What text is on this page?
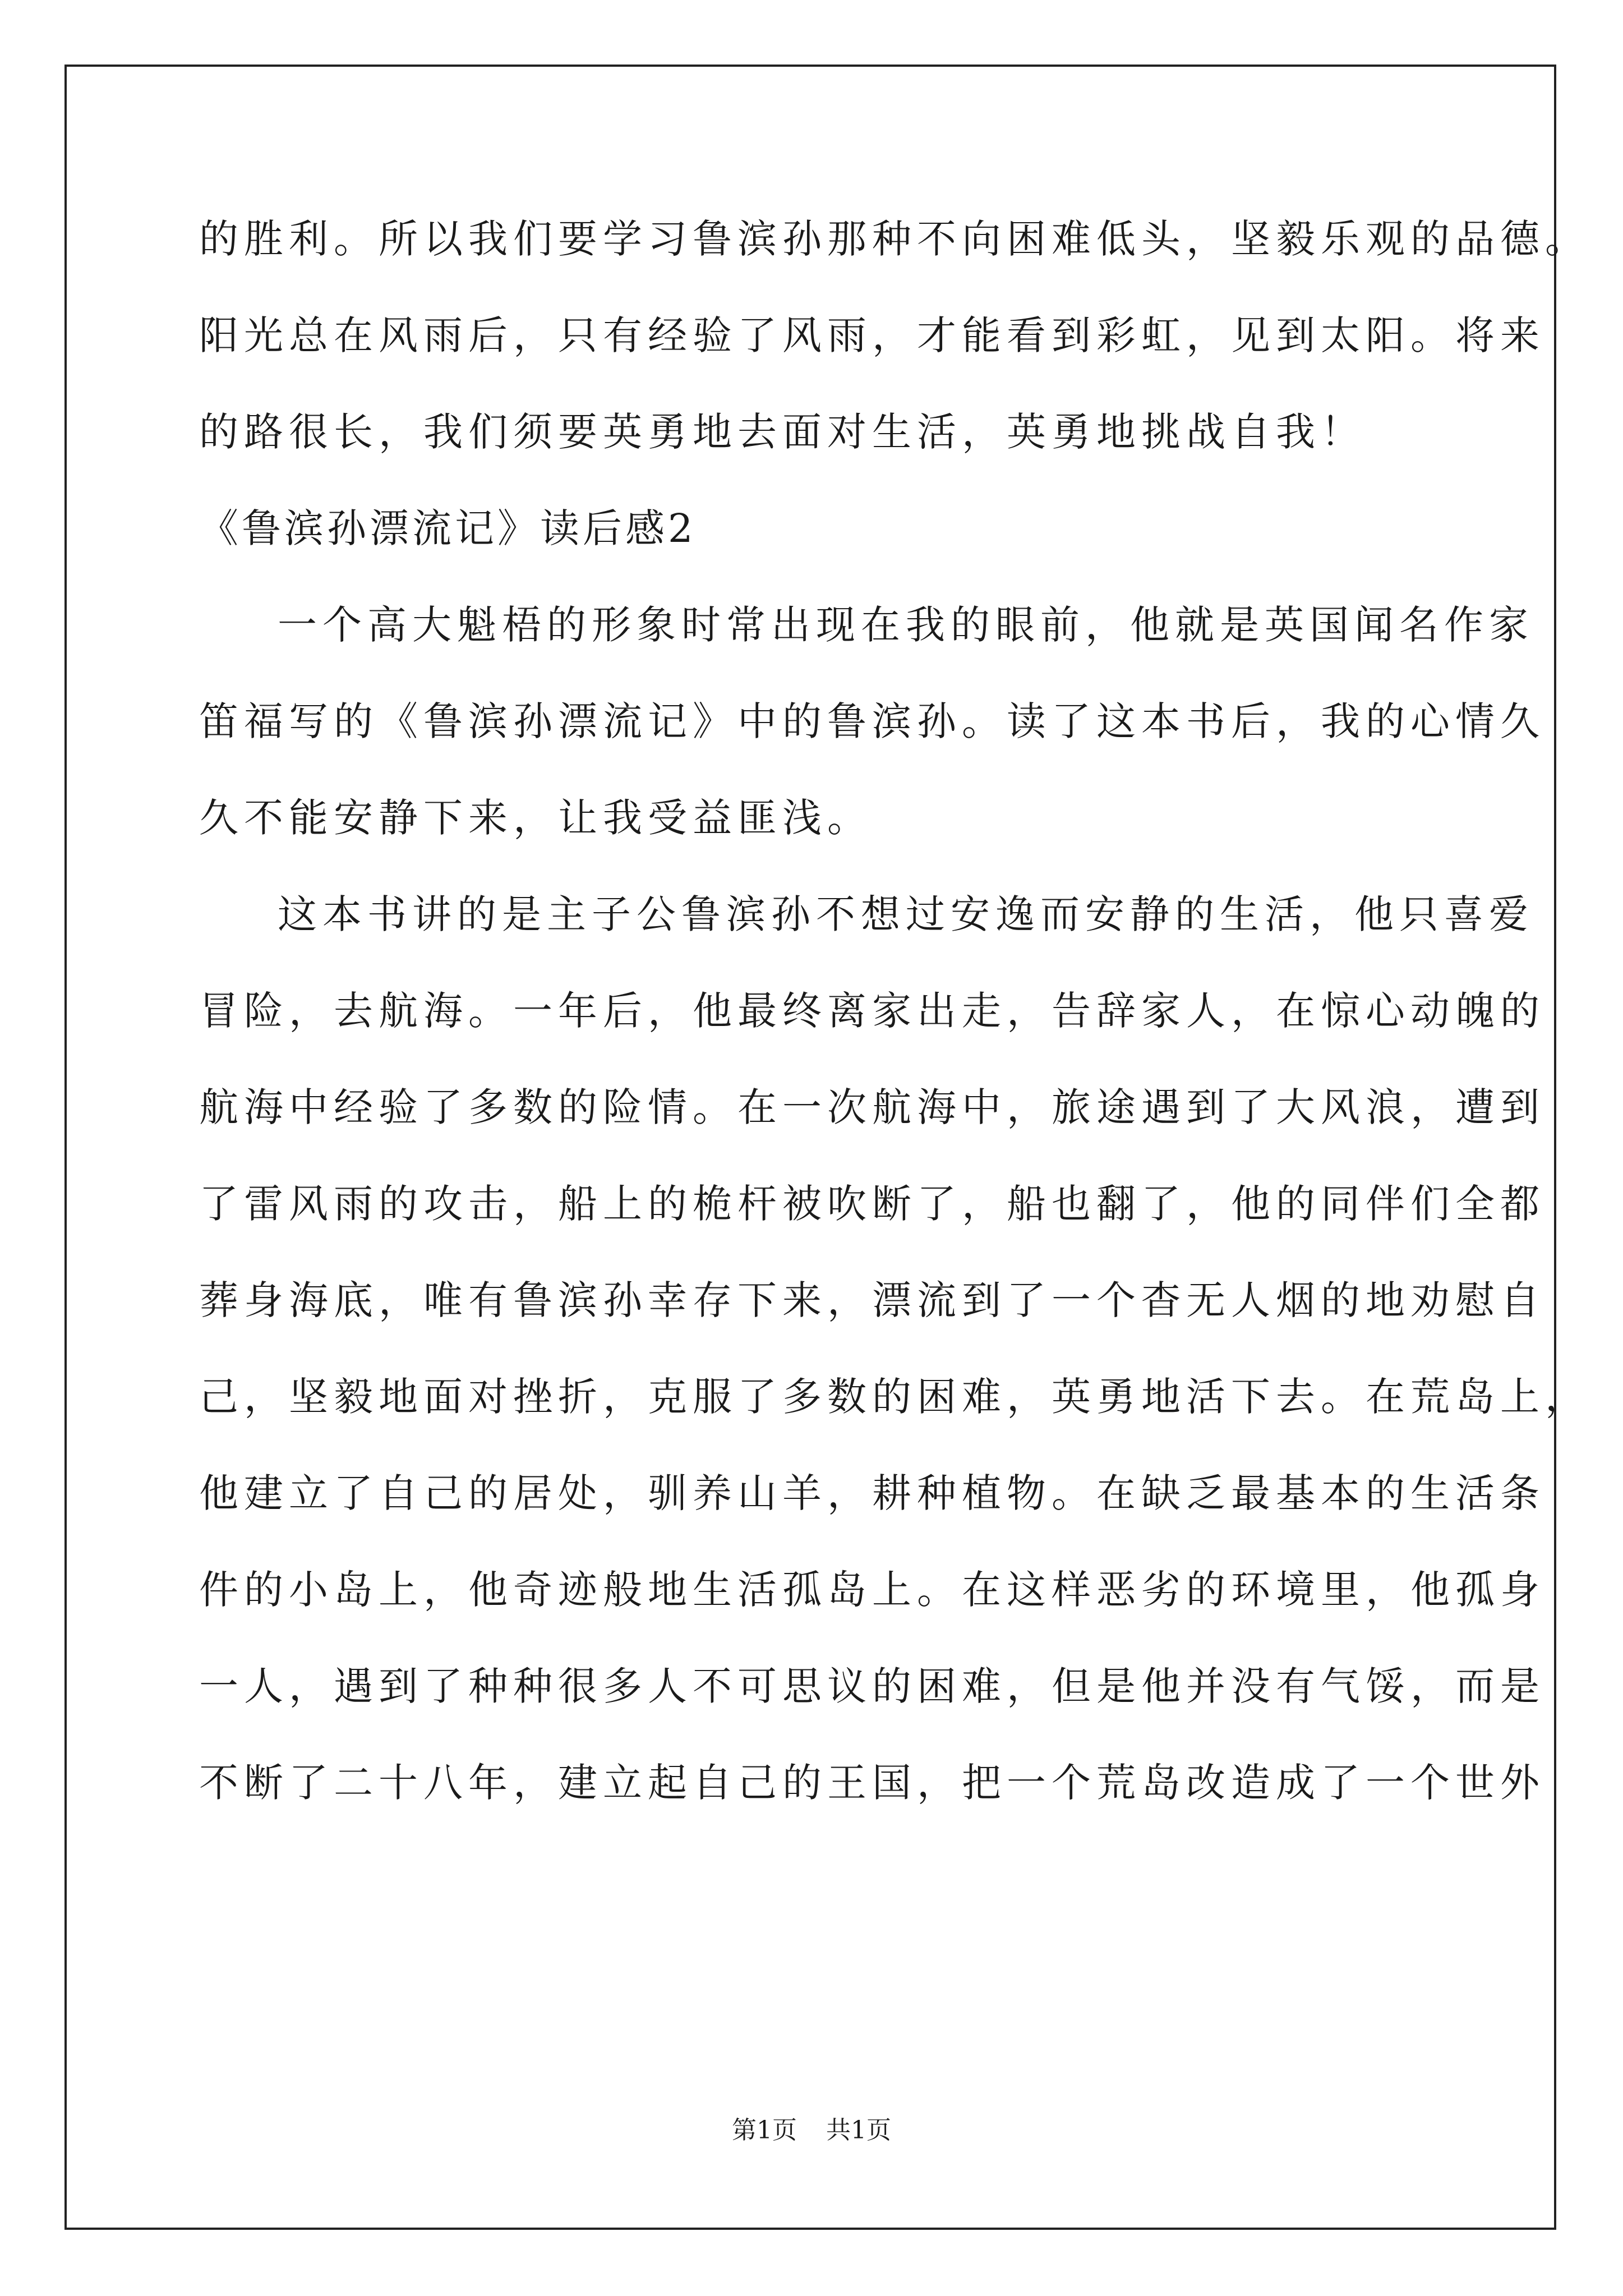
的胜利。所以我们要学习鲁滨孙那种不向困难低头，坚毅乐观的品德。
阳光总在风雨后，只有经验了风雨，才能看到彩虹，见到太阳。将来
的路很长，我们须要英勇地去面对生活，英勇地挑战自我！
《鲁滨孙漂流记》读后感2
一个高大魁梧的形象时常出现在我的眼前，他就是英国闻名作家
笛福写的《鲁滨孙漂流记》中的鲁滨孙。读了这本书后，我的心情久
久不能安静下来，让我受益匪浅。
这本书讲的是主子公鲁滨孙不想过安逸而安静的生活，他只喜爱
冒险，去航海。一年后，他最终离家出走，告辞家人，在惊心动魄的
航海中经验了多数的险情。在一次航海中，旅途遇到了大风浪，遭到
了雷风雨的攻击，船上的桅杆被吹断了，船也翻了，他的同伴们全都
葬身海底，唯有鲁滨孙幸存下来，漂流到了一个杳无人烟的地劝慰自
己，坚毅地面对挫折，克服了多数的困难，英勇地活下去。在荒岛上，
他建立了自己的居处，驯养山羊，耕种植物。在缺乏最基本的生活条
件的小岛上，他奇迹般地生活孤岛上。在这样恶劣的环境里，他孤身
一人，遇到了种种很多人不可思议的困难，但是他并没有气馁，而是
不断了二十八年，建立起自己的王国，把一个荒岛改造成了一个世外
第1页 共1页
